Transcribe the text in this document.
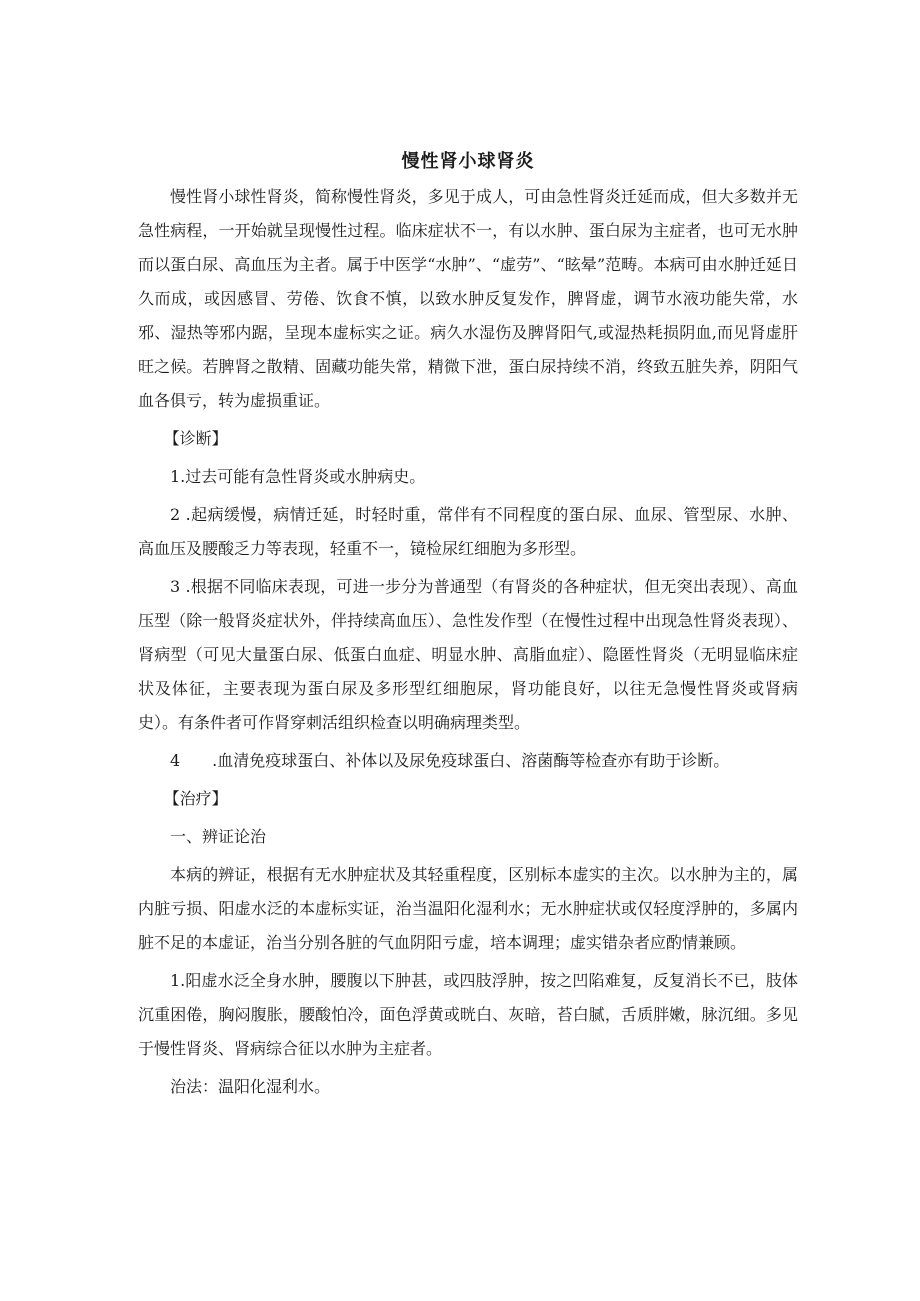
慢性肾小球肾炎

慢性肾小球性肾炎，简称慢性肾炎，多见于成人，可由急性肾炎迁延而成，但大多数并无急性病程，一开始就呈现慢性过程。临床症状不一，有以水肿、蛋白尿为主症者，也可无水肿而以蛋白尿、高血压为主者。属于中医学“水肿”、“虚劳”、“眩晕”范畴。本病可由水肿迁延日久而成，或因感冒、劳倦、饮食不慎，以致水肿反复发作，脾肾虚，调节水液功能失常，水邪、湿热等邪内踞，呈现本虚标实之证。病久水湿伤及脾肾阳气,或湿热耗损阴血,而见肾虚肝旺之候。若脾肾之散精、固藏功能失常，精微下泄，蛋白尿持续不消，终致五脏失养，阴阳气血各俱亏，转为虚损重证。

【诊断】

1.过去可能有急性肾炎或水肿病史。

2 .起病缓慢，病情迁延，时轻时重，常伴有不同程度的蛋白尿、血尿、管型尿、水肿、高血压及腰酸乏力等表现，轻重不一，镜检尿红细胞为多形型。

3 .根据不同临床表现，可进一步分为普通型（有肾炎的各种症状，但无突出表现）、高血压型（除一般肾炎症状外，伴持续高血压）、急性发作型（在慢性过程中出现急性肾炎表现）、肾病型（可见大量蛋白尿、低蛋白血症、明显水肿、高脂血症）、隐匿性肾炎（无明显临床症状及体征，主要表现为蛋白尿及多形型红细胞尿，肾功能良好，以往无急慢性肾炎或肾病史）。有条件者可作肾穿刺活组织检查以明确病理类型。

4　　.血清免疫球蛋白、补体以及尿免疫球蛋白、溶菌酶等检查亦有助于诊断。

【治疗】

一、辨证论治

本病的辨证，根据有无水肿症状及其轻重程度，区别标本虚实的主次。以水肿为主的，属内脏亏损、阳虚水泛的本虚标实证，治当温阳化湿利水；无水肿症状或仅轻度浮肿的，多属内脏不足的本虚证，治当分别各脏的气血阴阳亏虚，培本调理；虚实错杂者应酌情兼顾。

1.阳虚水泛全身水肿，腰腹以下肿甚，或四肢浮肿，按之凹陷难复，反复消长不已，肢体沉重困倦，胸闷腹胀，腰酸怕冷，面色浮黄或晄白、灰暗，苔白腻，舌质胖嫩，脉沉细。多见于慢性肾炎、肾病综合征以水肿为主症者。

治法：温阳化湿利水。
